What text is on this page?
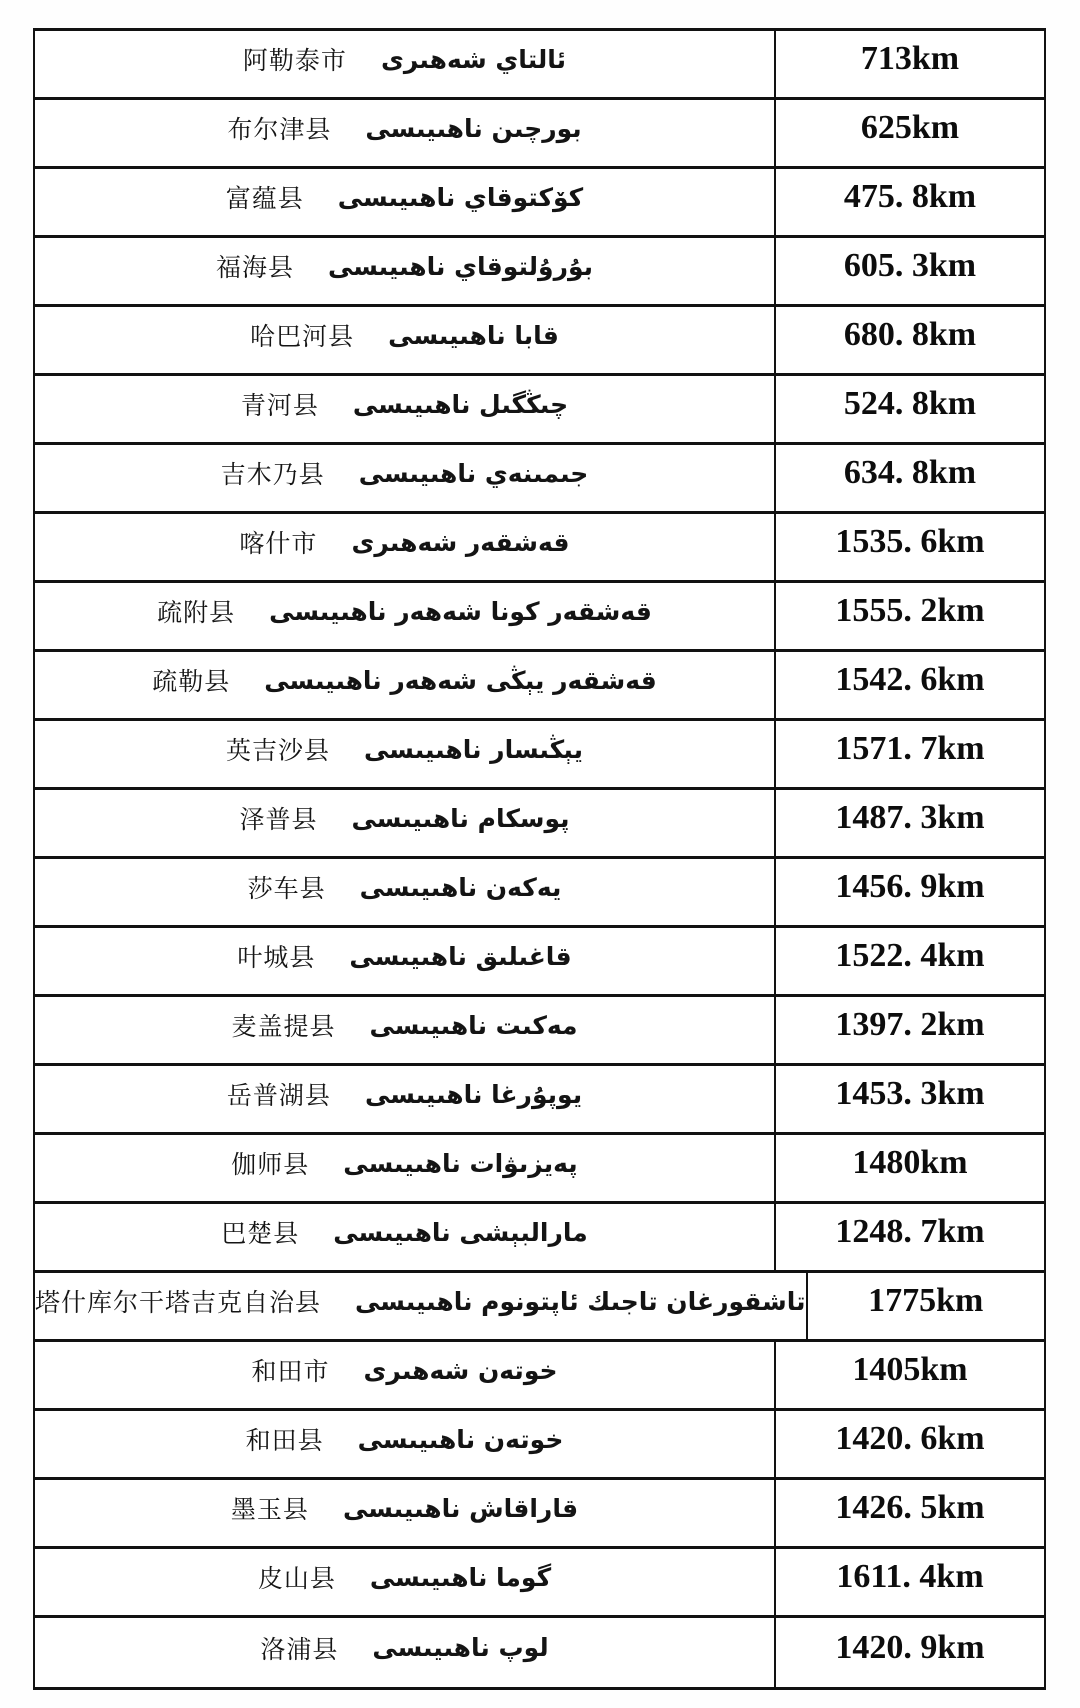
阿勒泰市 ئالتاي شەھىرى	713km
布尔津县 بورچىن ناھىيىسى	625km
富蕴县 كۆكتوقاي ناھىيىسى	475. 8km
福海县 بۇرۇلتوقاي ناھىيىسى	605. 3km
哈巴河县 قابا ناھىيىسى	680. 8km
青河县 چىڭگىل ناھىيىسى	524. 8km
吉木乃县 جىمىنەي ناھىيىسى	634. 8km
喀什市 قەشقەر شەھىرى	1535. 6km
疏附县 قەشقەر كونا شەھەر ناھىيىسى	1555. 2km
疏勒县 قەشقەر يېڭى شەھەر ناھىيىسى	1542. 6km
英吉沙县 يېڭىسار ناھىيىسى	1571. 7km
泽普县 پوسكام ناھىيىسى	1487. 3km
莎车县 يەكەن ناھىيىسى	1456. 9km
叶城县 قاغىلىق ناھىيىسى	1522. 4km
麦盖提县 مەكىت ناھىيىسى	1397. 2km
岳普湖县 يوپۇرغا ناھىيىسى	1453. 3km
伽师县 پەيزىۋات ناھىيىسى	1480km
巴楚县 مارالبېشى ناھىيىسى	1248. 7km
塔什库尔干塔吉克自治县 تاشقورغان تاجىك ئاپتونوم ناھىيىسى 1775km
和田市 خوتەن شەھىرى	1405km
和田县 خوتەن ناھىيىسى	1420. 6km
墨玉县 قاراقاش ناھىيىسى	1426. 5km
皮山县 گوما ناھىيىسى	1611. 4km
洛浦县 لوپ ناھىيىسى	1420. 9km
